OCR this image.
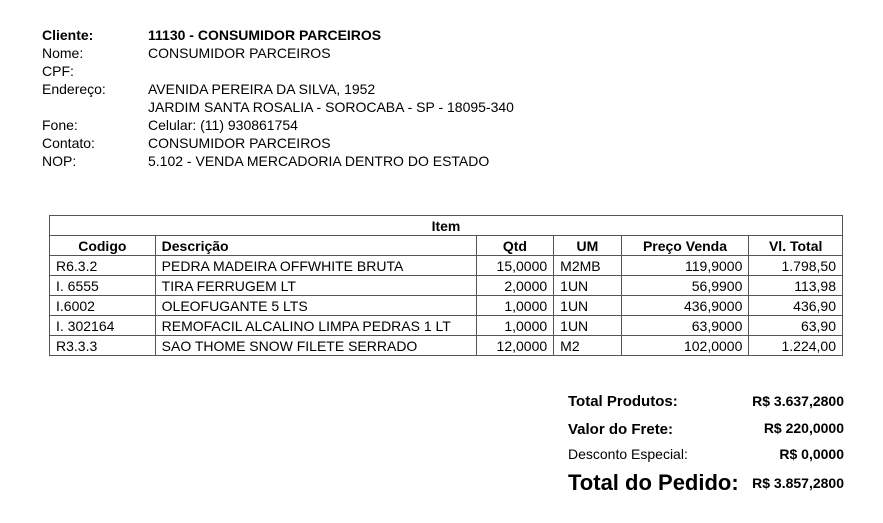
Cliente:	11130 - CONSUMIDOR PARCEIROS
Nome:	CONSUMIDOR PARCEIROS
CPF:
Endereço:	AVENIDA PEREIRA DA SILVA, 1952
JARDIM SANTA ROSALIA - SOROCABA - SP - 18095-340
Fone:	Celular: (11) 930861754
Contato:	CONSUMIDOR PARCEIROS
NOP:	5.102 - VENDA MERCADORIA DENTRO DO ESTADO
Item					
Codigo	Descrição	Qtd	UM	Preço Venda	Vl. Total
R6.3.2	PEDRA MADEIRA OFFWHITE BRUTA	15,0000	M2MB	119,9000	1.798,50
I. 6555	TIRA FERRUGEM LT	2,0000	1UN	56,9900	113,98
I.6002	OLEOFUGANTE 5 LTS	1,0000	1UN	436,9000	436,90
I. 302164	REMOFACIL ALCALINO LIMPA PEDRAS 1 LT	1,0000	1UN	63,9000	63,90
R3.3.3	SAO THOME SNOW FILETE SERRADO	12,0000	M2	102,0000	1.224,00
Total Produtos:	R$ 3.637,2800
Valor do Frete:	R$ 220,0000
Desconto Especial:	R$ 0,0000
Total do Pedido: R$ 3.857,2800
